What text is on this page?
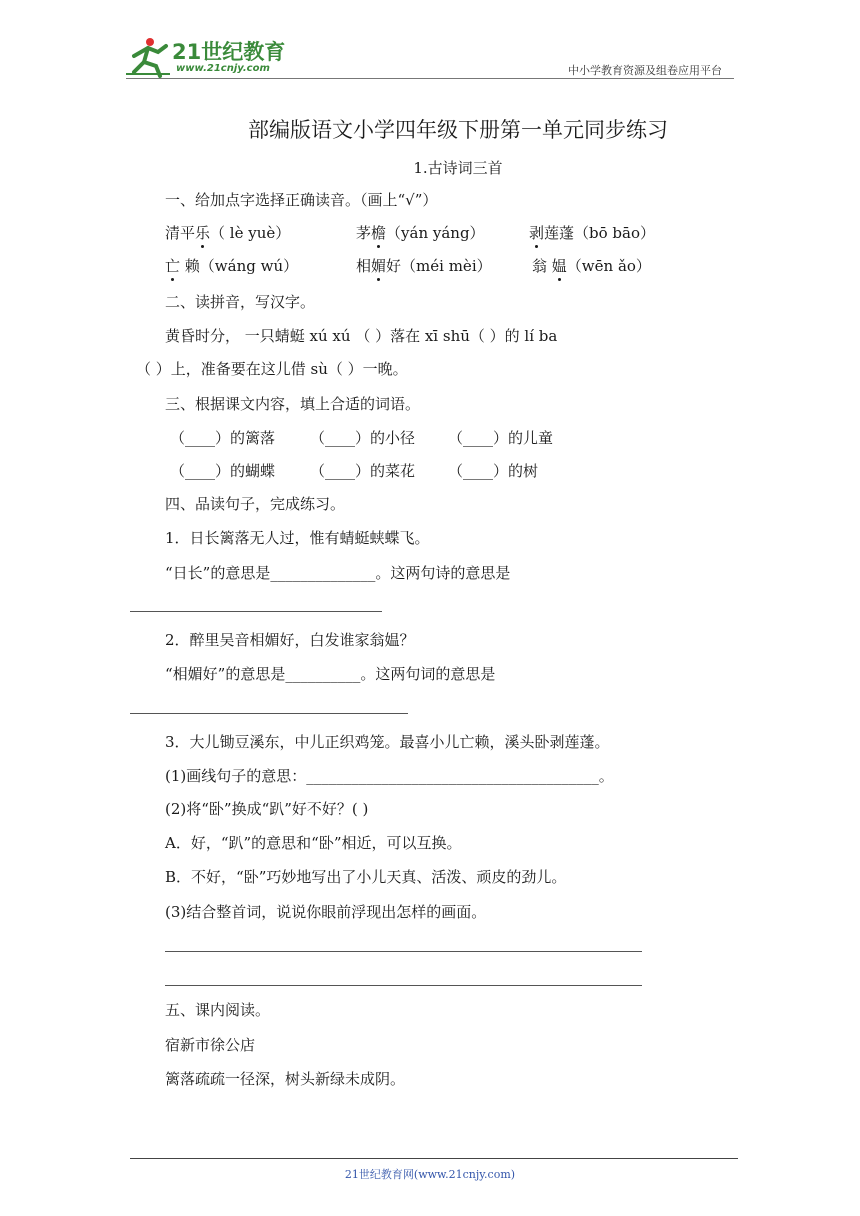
21世纪教育
www.21cnjy.com	中小学教育资源及组卷应用平台
部编版语文小学四年级下册第一单元同步练习
1.古诗词三首
一、给加点字选择正确读音。（画上“√”）
清平乐（ lè yuè）	茅檐（yán yáng）	剥莲蓬（bō bāo）
亡 赖（wáng wú）	相媚好（méi mèi）	翁 媪（wēn ǎo）
二、读拼音，写汉字。
黄昏时分， 一只蜻蜓 xú xú （ ）落在 xī shū（ ）的 lí ba
（ ）上，准备要在这儿借 sù（ ）一晚。
三、根据课文内容，填上合适的词语。
（____）的篱落 （____）的小径 （____）的儿童
（____）的蝴蝶 （____）的菜花 （____）的树
四、品读句子，完成练习。
1．日长篱落无人过，惟有蜻蜓蛱蝶飞。
“日长”的意思是______________。这两句诗的意思是
2．醉里吴音相媚好，白发谁家翁媪？
“相媚好”的意思是__________。这两句词的意思是
3．大儿锄豆溪东，中儿正织鸡笼。最喜小儿亡赖，溪头卧剥莲蓬。
(1)画线句子的意思：_______________________________________。
(2)将“卧”换成“趴”好不好？( )
A．好，“趴”的意思和“卧”相近，可以互换。
B．不好，“卧”巧妙地写出了小儿天真、活泼、顽皮的劲儿。
(3)结合整首词，说说你眼前浮现出怎样的画面。
五、课内阅读。
宿新市徐公店
篱落疏疏一径深，树头新绿未成阴。
21世纪教育网(www.21cnjy.com)
